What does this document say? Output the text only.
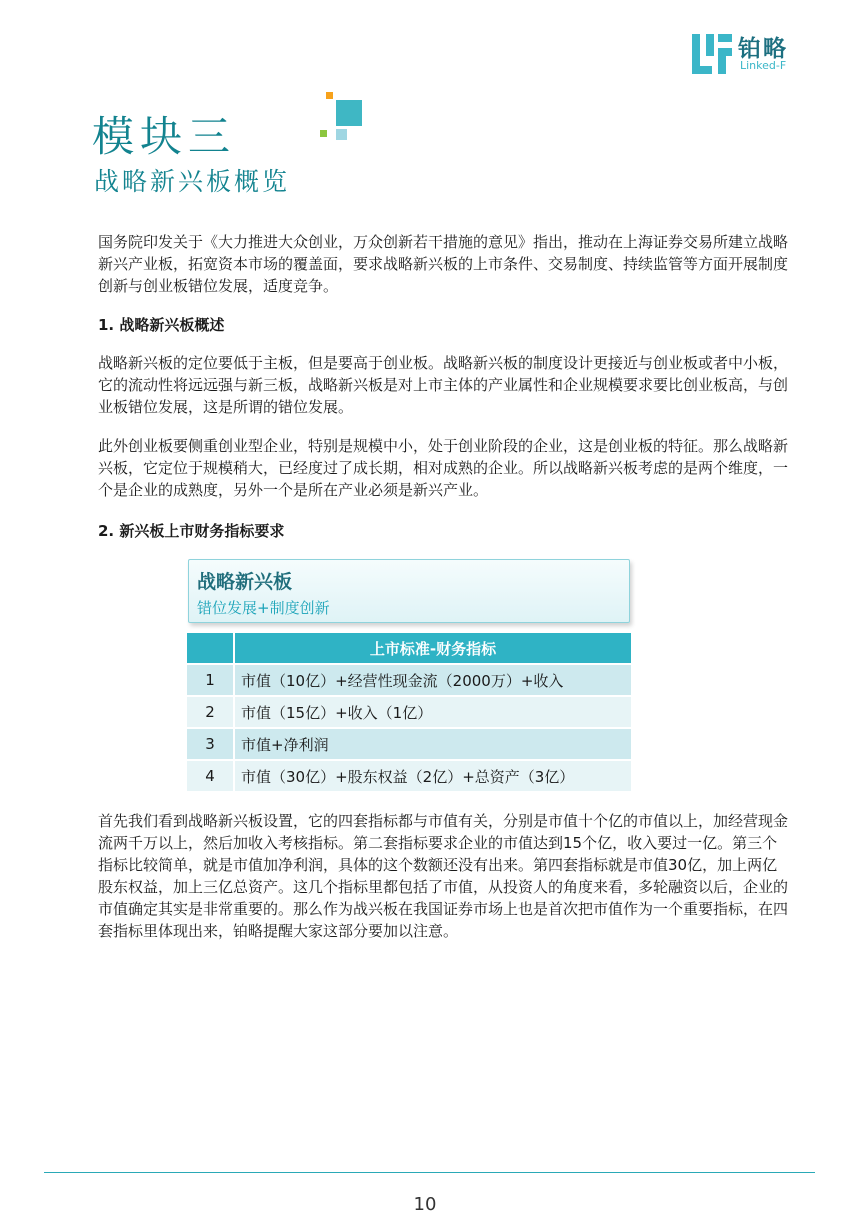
铂略
Linked-F
模块三
战略新兴板概览

国务院印发关于《大力推进大众创业，万众创新若干措施的意见》指出，推动在上海证券交易所建立战略新兴产业板，拓宽资本市场的覆盖面，要求战略新兴板的上市条件、交易制度、持续监管等方面开展制度创新与创业板错位发展，适度竞争。

1. 战略新兴板概述

战略新兴板的定位要低于主板，但是要高于创业板。战略新兴板的制度设计更接近与创业板或者中小板，它的流动性将远远强与新三板，战略新兴板是对上市主体的产业属性和企业规模要求要比创业板高，与创业板错位发展，这是所谓的错位发展。

此外创业板要侧重创业型企业，特别是规模中小，处于创业阶段的企业，这是创业板的特征。那么战略新兴板，它定位于规模稍大，已经度过了成长期，相对成熟的企业。所以战略新兴板考虑的是两个维度，一个是企业的成熟度，另外一个是所在产业必须是新兴产业。

2. 新兴板上市财务指标要求

战略新兴板
错位发展+制度创新
	上市标准-财务指标
1	市值（10亿）+经营性现金流（2000万）+收入
2	市值（15亿）+收入（1亿）
3	市值+净利润
4	市值（30亿）+股东权益（2亿）+总资产（3亿）

首先我们看到战略新兴板设置，它的四套指标都与市值有关，分别是市值十个亿的市值以上，加经营现金流两千万以上，然后加收入考核指标。第二套指标要求企业的市值达到15个亿，收入要过一亿。第三个指标比较简单，就是市值加净利润，具体的这个数额还没有出来。第四套指标就是市值30亿，加上两亿股东权益，加上三亿总资产。这几个指标里都包括了市值，从投资人的角度来看，多轮融资以后，企业的市值确定其实是非常重要的。那么作为战兴板在我国证券市场上也是首次把市值作为一个重要指标，在四套指标里体现出来，铂略提醒大家这部分要加以注意。

10
